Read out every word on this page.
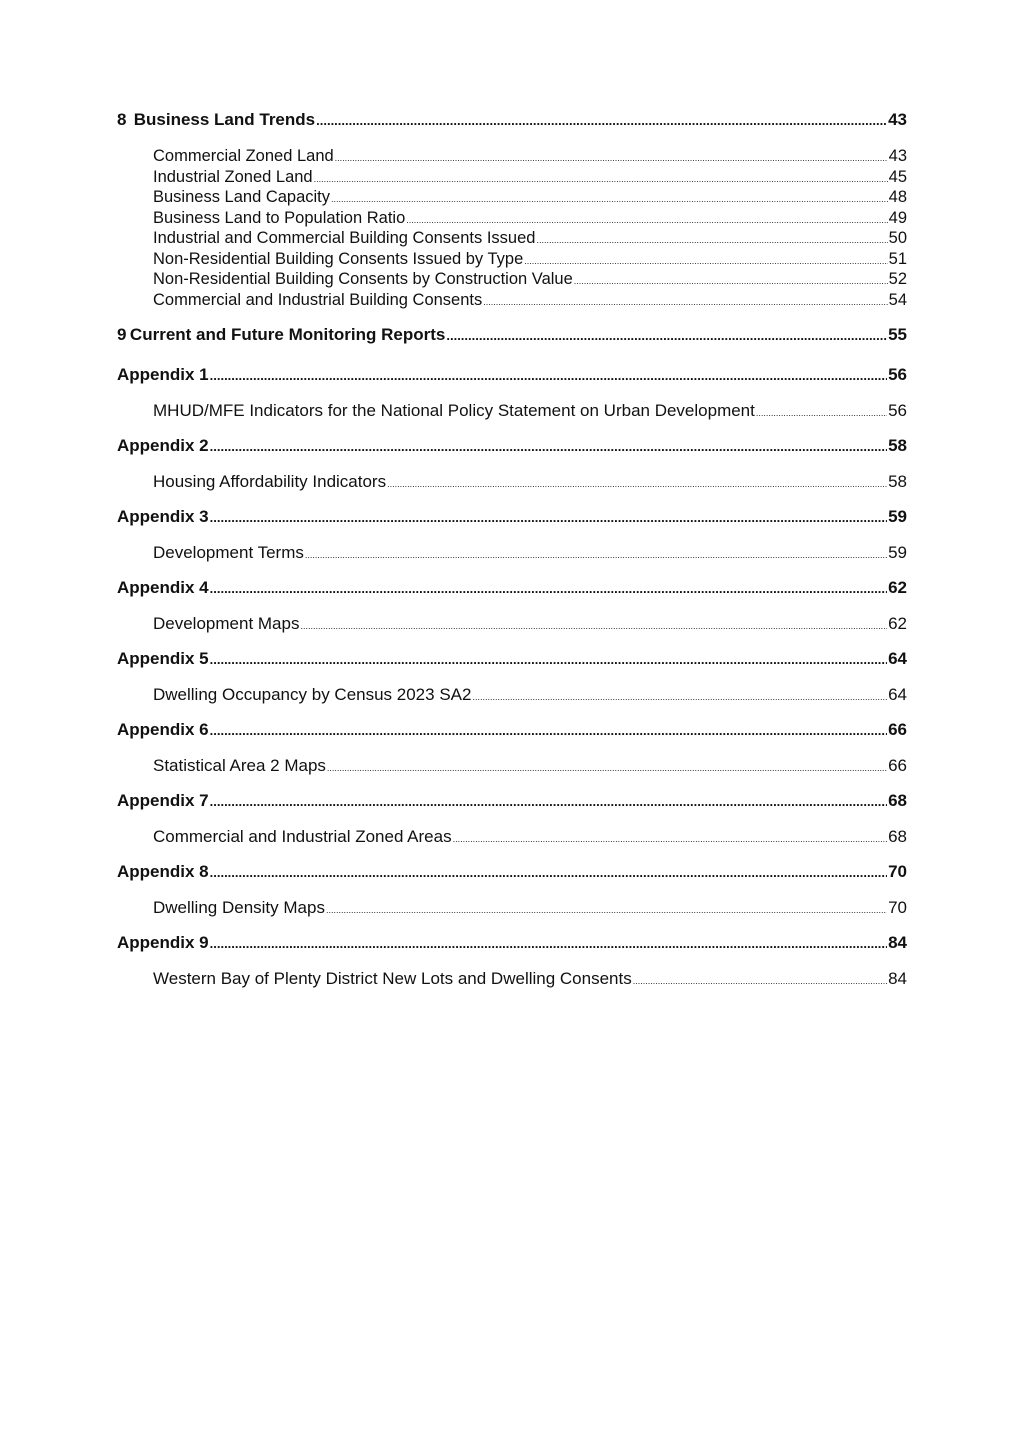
8 Business Land Trends .....	43
Commercial Zoned Land .....	43
Industrial Zoned Land .....	45
Business Land Capacity .....	48
Business Land to Population Ratio .....	49
Industrial and Commercial Building Consents Issued .....	50
Non-Residential Building Consents Issued by Type .....	51
Non-Residential Building Consents by Construction Value .....	52
Commercial and Industrial Building Consents .....	54
9 Current and Future Monitoring Reports .....	55
Appendix 1 .....	56
MHUD/MFE Indicators for the National Policy Statement on Urban Development .....	56
Appendix 2 .....	58
Housing Affordability Indicators .....	58
Appendix 3 .....	59
Development Terms .....	59
Appendix 4 .....	62
Development Maps .....	62
Appendix 5 .....	64
Dwelling Occupancy by Census 2023 SA2 .....	64
Appendix 6 .....	66
Statistical Area 2 Maps .....	66
Appendix 7 .....	68
Commercial and Industrial Zoned Areas .....	68
Appendix 8 .....	70
Dwelling Density Maps .....	70
Appendix 9 .....	84
Western Bay of Plenty District New Lots and Dwelling Consents .....	84
